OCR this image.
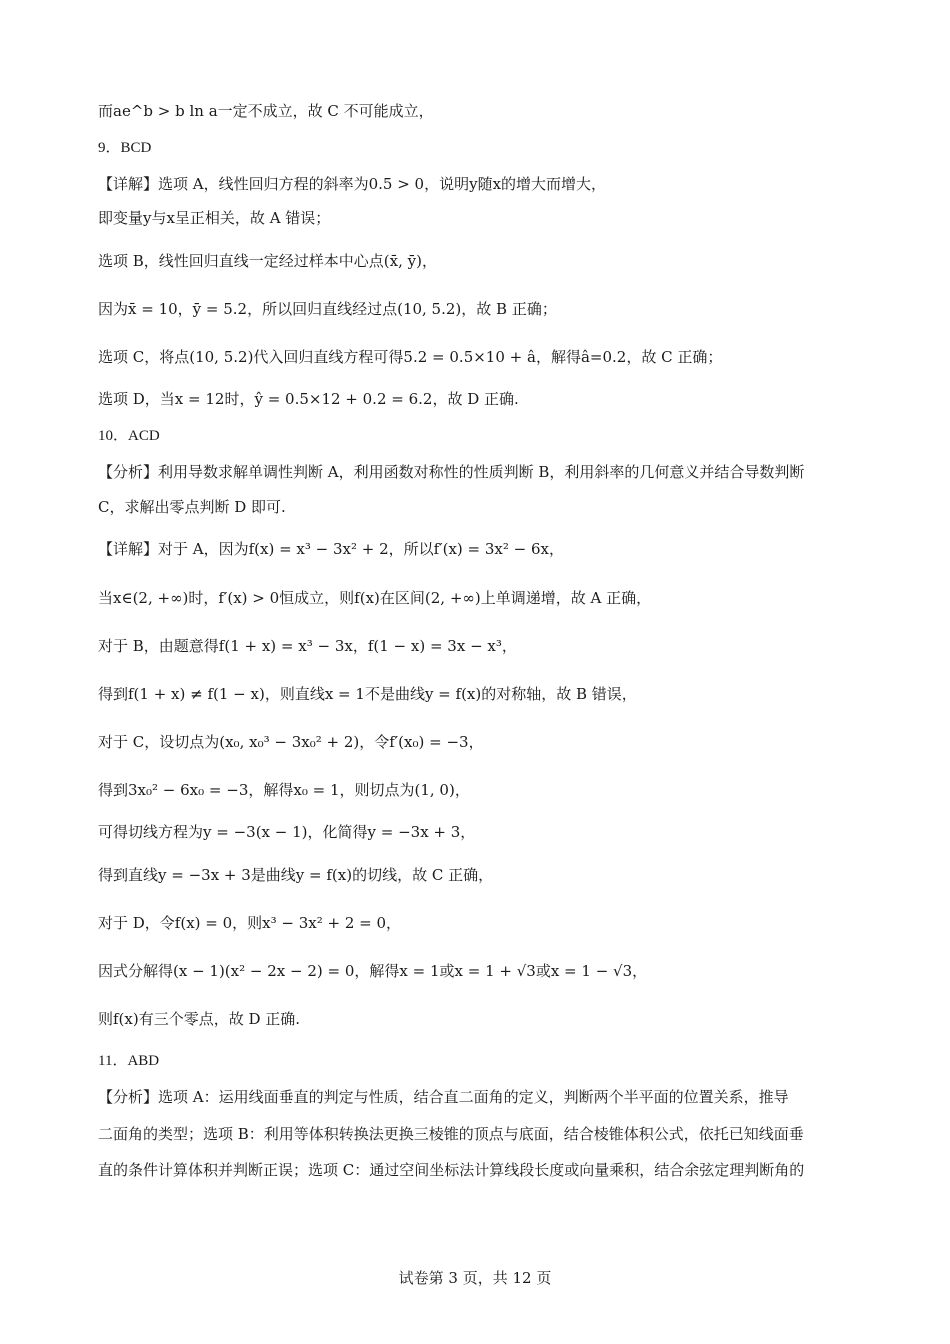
而ae^b > b ln a一定不成立，故 C 不可能成立，
9．BCD
【详解】选项 A，线性回归方程的斜率为0.5 > 0，说明y随x的增大而增大，
即变量y与x呈正相关，故 A 错误；
选项 B，线性回归直线一定经过样本中心点(x̄, ȳ)，
因为x̄ = 10，ȳ = 5.2，所以回归直线经过点(10, 5.2)，故 B 正确；
选项 C，将点(10, 5.2)代入回归直线方程可得5.2 = 0.5×10 + â，解得â=0.2，故 C 正确；
选项 D，当x = 12时，ŷ = 0.5×12 + 0.2 = 6.2，故 D 正确.
10．ACD
【分析】利用导数求解单调性判断 A，利用函数对称性的性质判断 B，利用斜率的几何意义并结合导数判断
C，求解出零点判断 D 即可.
【详解】对于 A，因为f(x) = x³ − 3x² + 2，所以f′(x) = 3x² − 6x，
当x∈(2, +∞)时，f′(x) > 0恒成立，则f(x)在区间(2, +∞)上单调递增，故 A 正确，
对于 B，由题意得f(1 + x) = x³ − 3x，f(1 − x) = 3x − x³，
得到f(1 + x) ≠ f(1 − x)，则直线x = 1不是曲线y = f(x)的对称轴，故 B 错误，
对于 C，设切点为(x₀, x₀³ − 3x₀² + 2)，令f′(x₀) = −3，
得到3x₀² − 6x₀ = −3，解得x₀ = 1，则切点为(1, 0)，
可得切线方程为y = −3(x − 1)，化简得y = −3x + 3，
得到直线y = −3x + 3是曲线y = f(x)的切线，故 C 正确，
对于 D，令f(x) = 0，则x³ − 3x² + 2 = 0，
因式分解得(x − 1)(x² − 2x − 2) = 0，解得x = 1或x = 1 + √3或x = 1 − √3，
则f(x)有三个零点，故 D 正确.
11．ABD
【分析】选项 A：运用线面垂直的判定与性质，结合直二面角的定义，判断两个半平面的位置关系，推导
二面角的类型；选项 B：利用等体积转换法更换三棱锥的顶点与底面，结合棱锥体积公式，依托已知线面垂
直的条件计算体积并判断正误；选项 C：通过空间坐标法计算线段长度或向量乘积，结合余弦定理判断角的
试卷第 3 页，共 12 页
